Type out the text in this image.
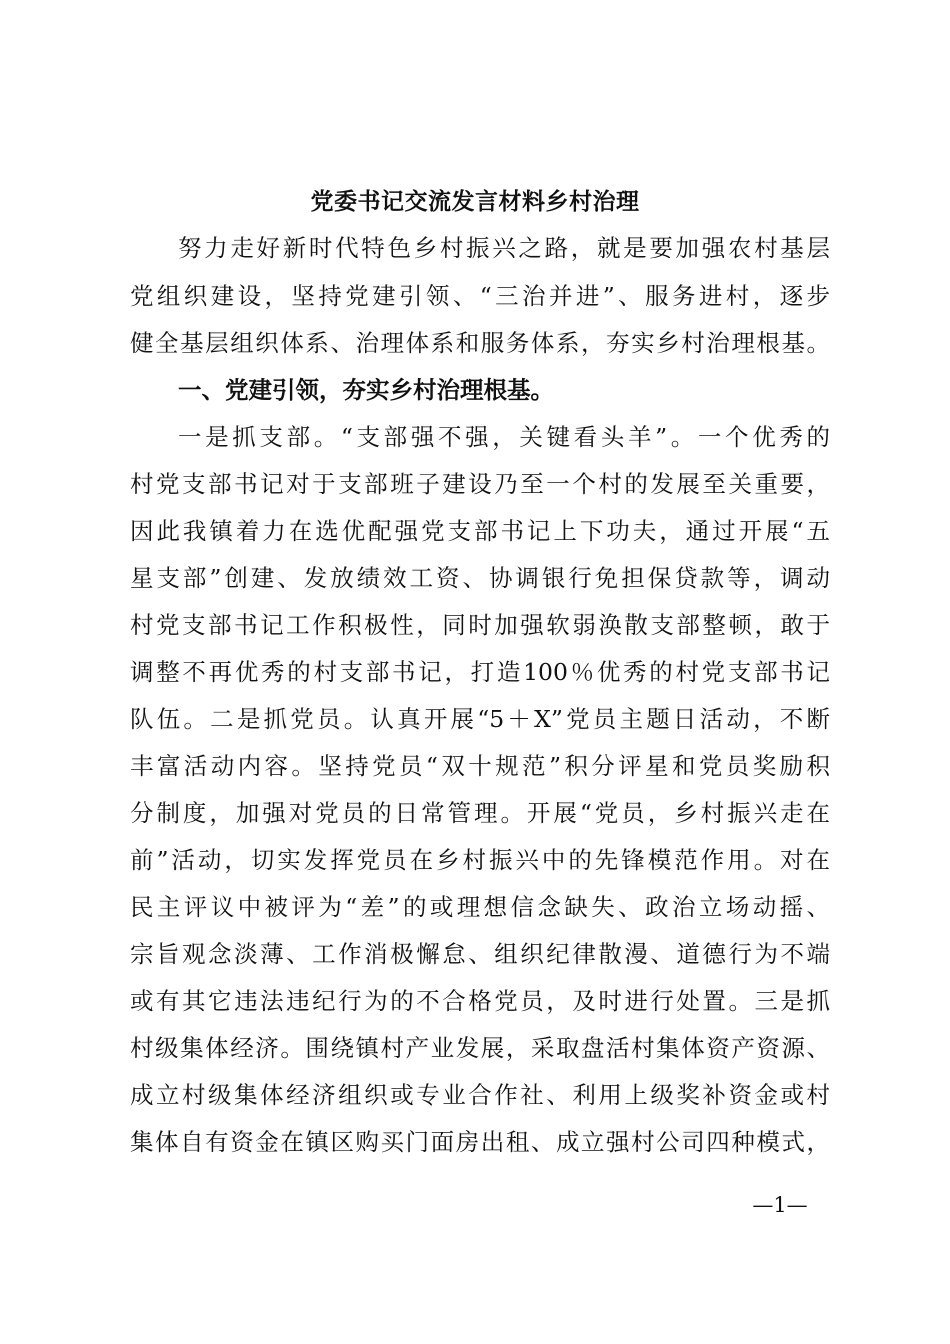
党委书记交流发言材料乡村治理
努力走好新时代特色乡村振兴之路，就是要加强农村基层
党组织建设，坚持党建引领、“三治并进”、服务进村，逐步
健全基层组织体系、治理体系和服务体系，夯实乡村治理根基。
一、党建引领，夯实乡村治理根基。
一是抓支部。“支部强不强，关键看头羊”。一个优秀的
村党支部书记对于支部班子建设乃至一个村的发展至关重要，
因此我镇着力在选优配强党支部书记上下功夫，通过开展“五
星支部”创建、发放绩效工资、协调银行免担保贷款等，调动
村党支部书记工作积极性，同时加强软弱涣散支部整顿，敢于
调整不再优秀的村支部书记，打造100％优秀的村党支部书记
队伍。二是抓党员。认真开展“5＋X”党员主题日活动，不断
丰富活动内容。坚持党员“双十规范”积分评星和党员奖励积
分制度，加强对党员的日常管理。开展“党员，乡村振兴走在
前”活动，切实发挥党员在乡村振兴中的先锋模范作用。对在
民主评议中被评为“差”的或理想信念缺失、政治立场动摇、
宗旨观念淡薄、工作消极懈怠、组织纪律散漫、道德行为不端
或有其它违法违纪行为的不合格党员，及时进行处置。三是抓
村级集体经济。围绕镇村产业发展，采取盘活村集体资产资源、
成立村级集体经济组织或专业合作社、利用上级奖补资金或村
集体自有资金在镇区购买门面房出租、成立强村公司四种模式，
—1—
